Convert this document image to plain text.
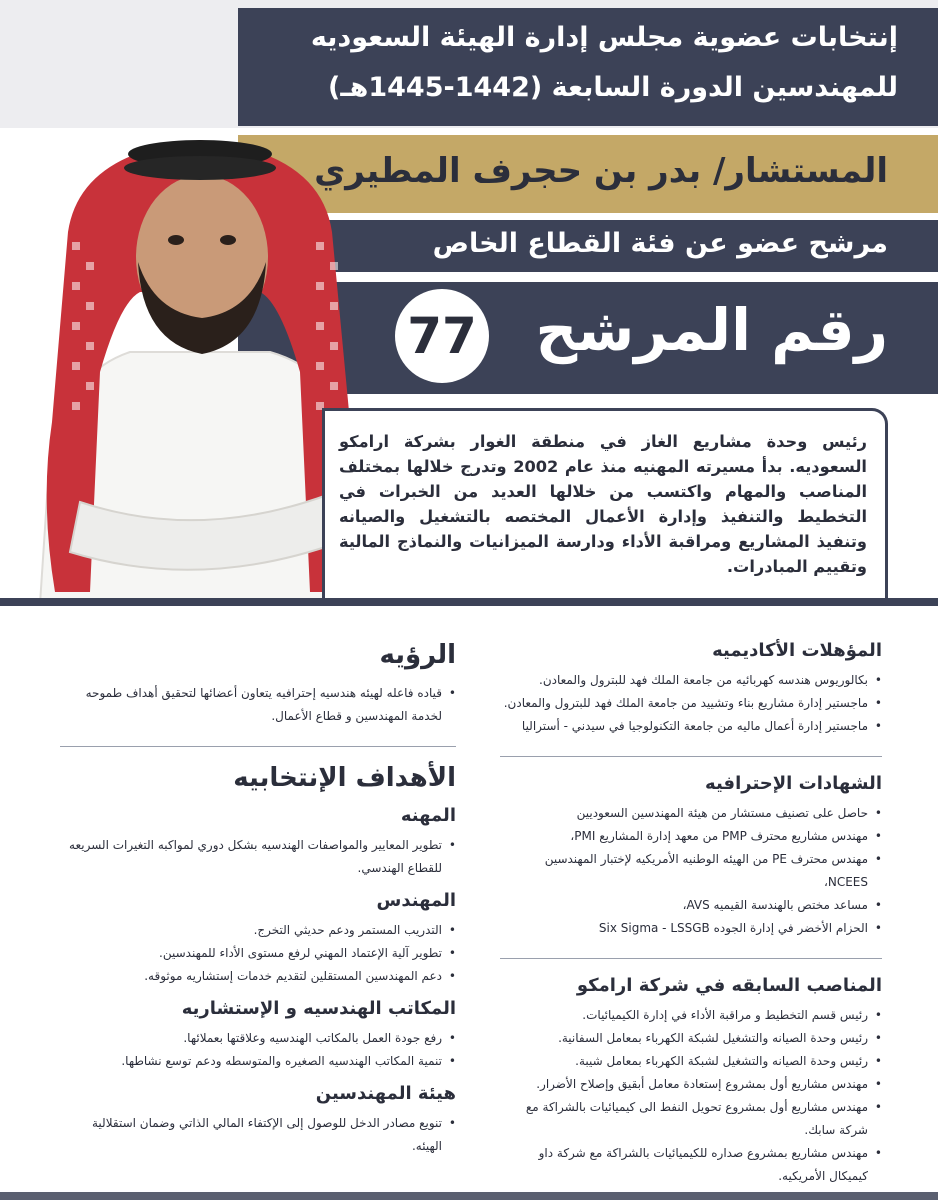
إنتخابات عضوية مجلس إدارة الهيئة السعوديه
للمهندسين الدورة السابعة (1442-1445هـ)
المستشار/ بدر بن حجرف المطيري
مرشح عضو عن فئة القطاع الخاص
رقم المرشح
77
رئيس وحدة مشاريع الغاز في منطقة الغوار بشركة ارامكو السعوديه. بدأ مسيرته المهنيه منذ عام 2002 وتدرج خلالها بمختلف المناصب والمهام واكتسب من خلالها العديد من الخبرات في التخطيط والتنفيذ وإدارة الأعمال المختصه بالتشغيل والصيانه وتنفيذ المشاريع ومراقبة الأداء ودارسة الميزانيات والنماذج المالية وتقييم المبادرات.
المؤهلات الأكاديميه
• بكالوريوس هندسه كهربائيه من جامعة الملك فهد للبترول والمعادن.
• ماجستير إدارة مشاريع بناء وتشييد من جامعة الملك فهد للبترول والمعادن.
• ماجستير إدارة أعمال ماليه من جامعة التكنولوجيا في سيدني - أستراليا
الشهادات الإحترافيه
• حاصل على تصنيف مستشار من هيئة المهندسين السعوديين
• مهندس مشاريع محترف PMP من معهد إدارة المشاريع PMI،
• مهندس محترف PE من الهيئه الوطنيه الأمريكيه لإختبار المهندسين NCEES،
• مساعد مختص بالهندسة القيميه AVS،
• الحزام الأخضر في إدارة الجوده Six Sigma - LSSGB
المناصب السابقه في شركة ارامكو
• رئيس قسم التخطيط و مراقبة الأداء في إدارة الكيميائيات.
• رئيس وحدة الصيانه والتشغيل لشبكة الكهرباء بمعامل السفانية.
• رئيس وحدة الصيانه والتشغيل لشبكة الكهرباء بمعامل شيبة.
• مهندس مشاريع أول بمشروع إستعادة معامل أبقيق وإصلاح الأضرار.
• مهندس مشاريع أول بمشروع تحويل النفط الى كيميائيات بالشراكة مع شركة سابك.
• مهندس مشاريع بمشروع صداره للكيميائيات بالشراكة مع شركة داو كيميكال الأمريكيه.
الرؤيه
• قياده فاعله لهيئه هندسيه إحترافيه يتعاون أعضائها لتحقيق أهداف طموحه لخدمة المهندسين و قطاع الأعمال.
الأهداف الإنتخابيه
المهنه
• تطوير المعايير والمواصفات الهندسيه بشكل دوري لمواكبه التغيرات السريعه للقطاع الهندسي.
المهندس
• التدريب المستمر ودعم حديثي التخرج.
• تطوير آلية الإعتماد المهني لرفع مستوى الأداء للمهندسين.
• دعم المهندسين المستقلين لتقديم خدمات إستشاريه موثوقه.
المكاتب الهندسيه و الإستشاريه
• رفع جودة العمل بالمكاتب الهندسيه وعلاقتها بعملائها.
• تنمية المكاتب الهندسيه الصغيره والمتوسطه ودعم توسع نشاطها.
هيئة المهندسين
• تنويع مصادر الدخل للوصول إلى الإكتفاء المالي الذاتي وضمان استقلالية الهيئه.
